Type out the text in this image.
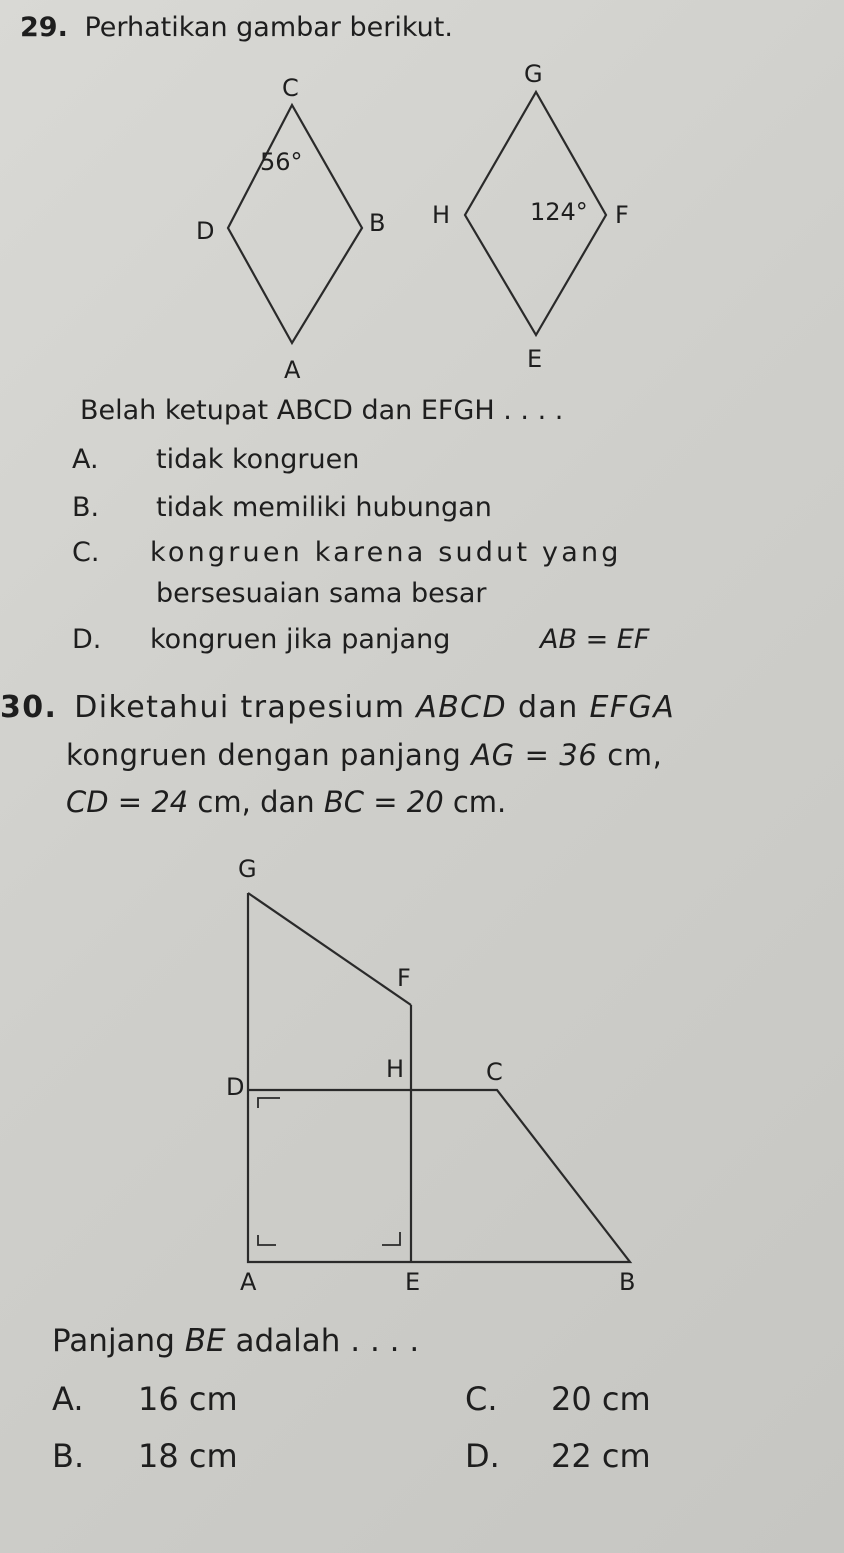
29. Perhatikan gambar berikut.
C
56°
D	B
A
G
H	124° F
E
Belah ketupat ABCD dan EFGH . . . .
A. tidak kongruen
B. tidak memiliki hubungan
C. kongruen karena sudut yang
bersesuaian sama besar
D. kongruen jika panjang	AB = EF
30. Diketahui trapesium ABCD dan EFGA
kongruen dengan panjang AG = 36 cm,
CD = 24 cm, dan BC = 20 cm.
G
F
D
H	C
A	E	B
Panjang BE adalah . . . .
A. 16 cm
B. 18 cm
C. 20 cm
D. 22 cm
